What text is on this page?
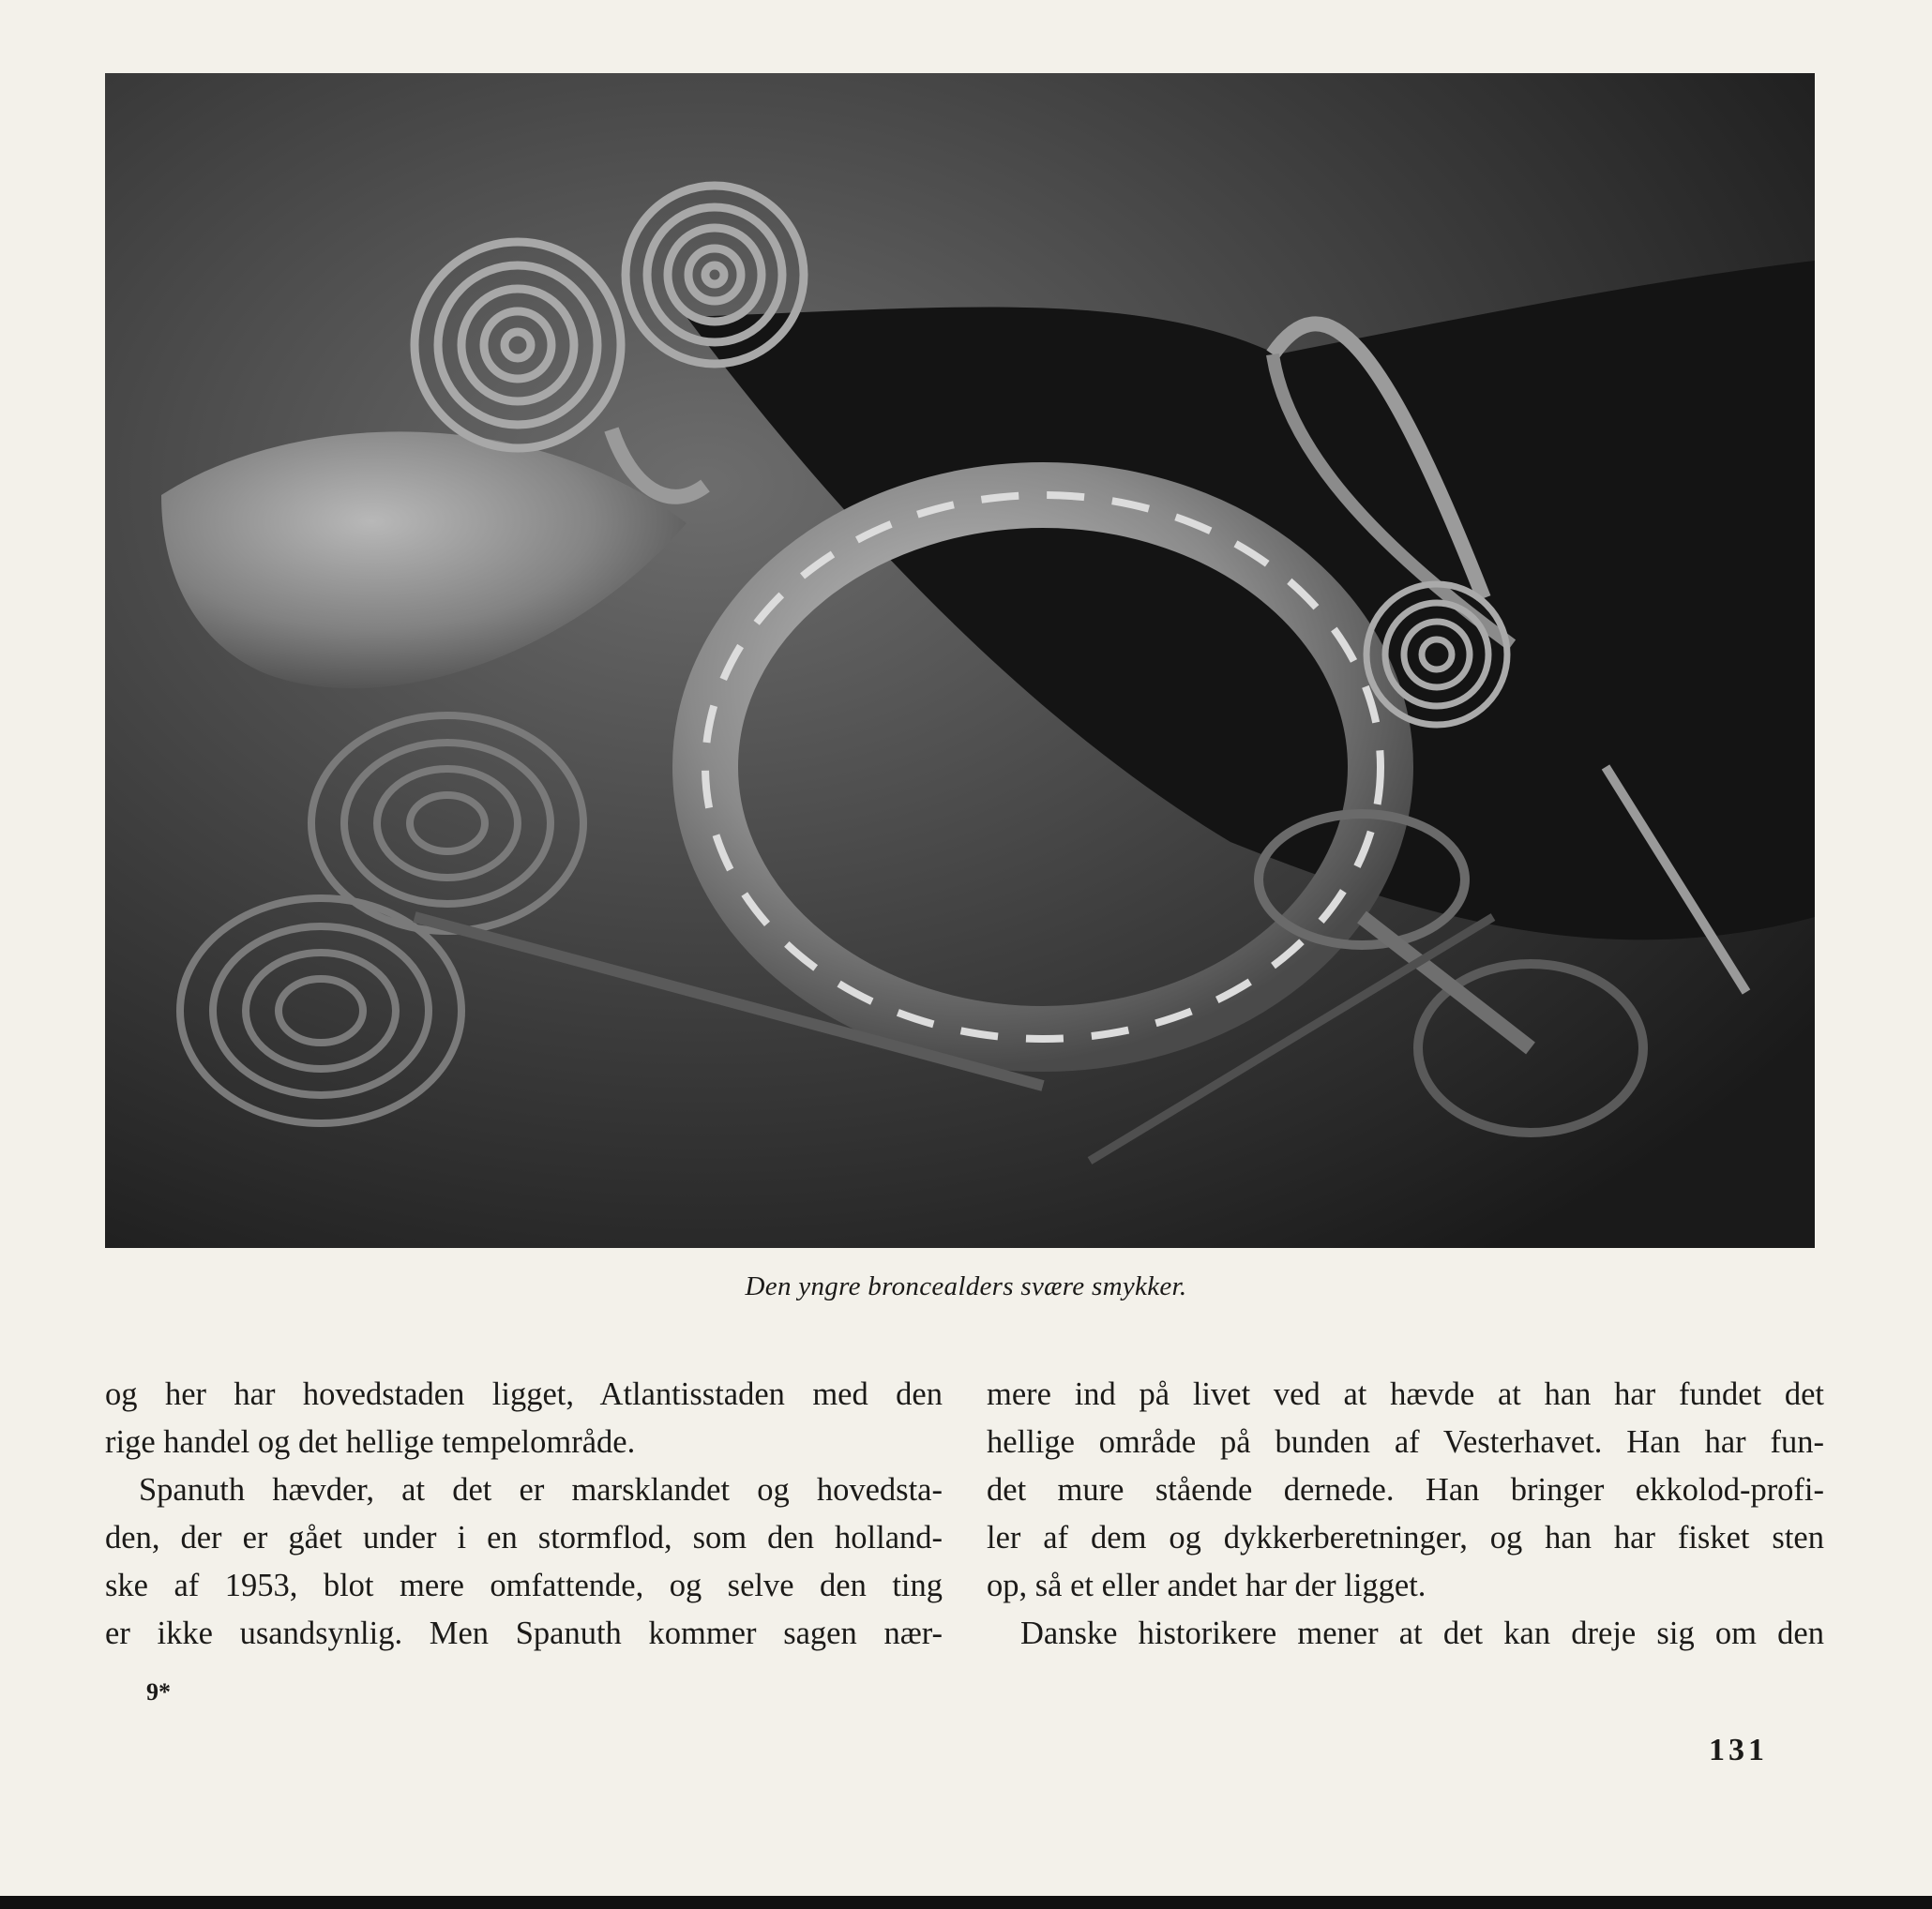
Den yngre broncealders svære smykker.
og her har hovedstaden ligget, Atlantisstaden med den
rige handel og det hellige tempelområde.
Spanuth hævder, at det er marsklandet og hovedsta-
den, der er gået under i en stormflod, som den holland-
ske af 1953, blot mere omfattende, og selve den ting
er ikke usandsynlig. Men Spanuth kommer sagen nær-
mere ind på livet ved at hævde at han har fundet det
hellige område på bunden af Vesterhavet. Han har fun-
det mure stående dernede. Han bringer ekkolod-profi-
ler af dem og dykkerberetninger, og han har fisket sten
op, så et eller andet har der ligget.
Danske historikere mener at det kan dreje sig om den
9*
131
